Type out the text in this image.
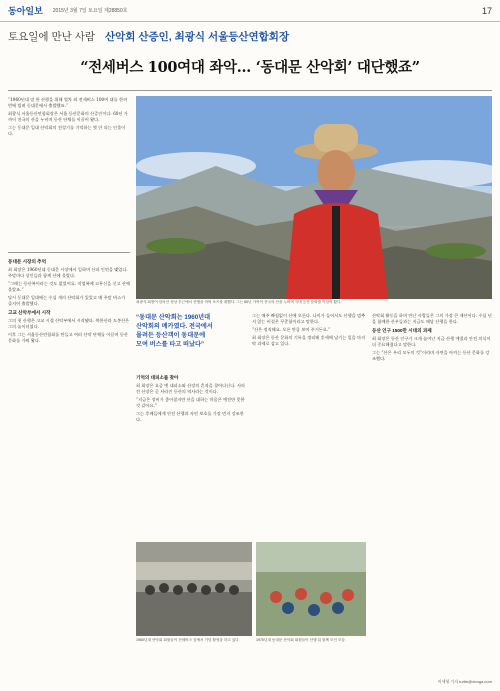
동아일보 2015년 3월 7일 토요일 제28850호	17
토요일에 만난 사람 산악회 산증인, 최광식 서울등산연합회장
“전세버스 100여대 좌악… ‘동대문 산악회’ 대단했죠”

“1960년대 말 한 산행을 위해 열차 외 전세버스 100여 대를 한꺼번에 빌려 동대문에서 출발했죠.”

최광식 서울등산연합회장은 서울 등산문화의 산증인이다. 60년 가까이 전국의 산을 누비며 등산 단체를 이끌어 왔다.

그는 동대문 일대 산악회의 전성기를 기억하는 몇 안 되는 인물이다.

최광식 회장이 한라산 정상 부근에서 산행을 하며 포즈를 취했다. 그는 60년 가까이 전국의 산을 누비며 국내 등산 문화를 이끌어 왔다.
동대문 시장의 추억

최 회장은 1960년대 동대문 시장에서 일하며 산과 인연을 맺었다. 주말마다 상인들과 함께 산에 올랐다.

“그때는 등산복이라는 것도 없었어요. 작업복에 고무신을 신고 산에 올랐죠.”

당시 동대문 일대에는 수십 개의 산악회가 있었고 매 주말 버스가 줄지어 출발했다.

고교 산악부에서 시작

그의 첫 산행은 고교 시절 산악부에서 시작됐다. 북한산과 도봉산은 그의 놀이터였다.

이후 그는 서울등산연합회를 만들고 여러 산악 단체를 이끌며 등산 문화를 가꿔 왔다.

“동대문 산악회는 1960년대
산악회의 메카였다. 전국에서
몰려든 등산객이 동대문에
모여 버스를 타고 떠났다”
기억의 대피소를 찾아

최 회장은 요즘 옛 대피소와 산장의 흔적을 찾아다닌다. 사라진 산장은 곧 사라진 등산의 역사라는 것이다.

“지금은 장비가 좋아졌지만 산을 대하는 마음은 예전만 못한 것 같아요.”

그는 후배들에게 안전 산행과 자연 보호를 가장 먼저 강조한다.

그는 매주 빠짐없이 산에 오른다. 나이가 들어서도 산행을 멈추지 않는 비결은 꾸준함이라고 말한다.

“산은 정직해요. 오른 만큼 보여 주거든요.”

최 회장은 등산 문화의 기록을 정리해 후세에 남기는 일을 마지막 과제로 삼고 있다.

산악회 활동을 하며 만난 사람들은 그의 가장 큰 재산이다. 수십 년을 함께한 산우들과는 지금도 매달 산행을 한다.

등산 인구 1500만 시대의 과제

최 회장은 등산 인구가 크게 늘어난 지금 산행 예절과 안전 의식이 더 중요해졌다고 말한다.

그는 “산은 우리 모두의 것”이라며 자연을 아끼는 등산 문화를 강조했다.

1960년대 산악회 회원들이 전세버스 앞에서 기념 촬영을 하고 있다.	1970년대 동대문 산악회 회원들이 산행 뒤 함께 모인 모습.
이세형 기자 turtle@donga.com
